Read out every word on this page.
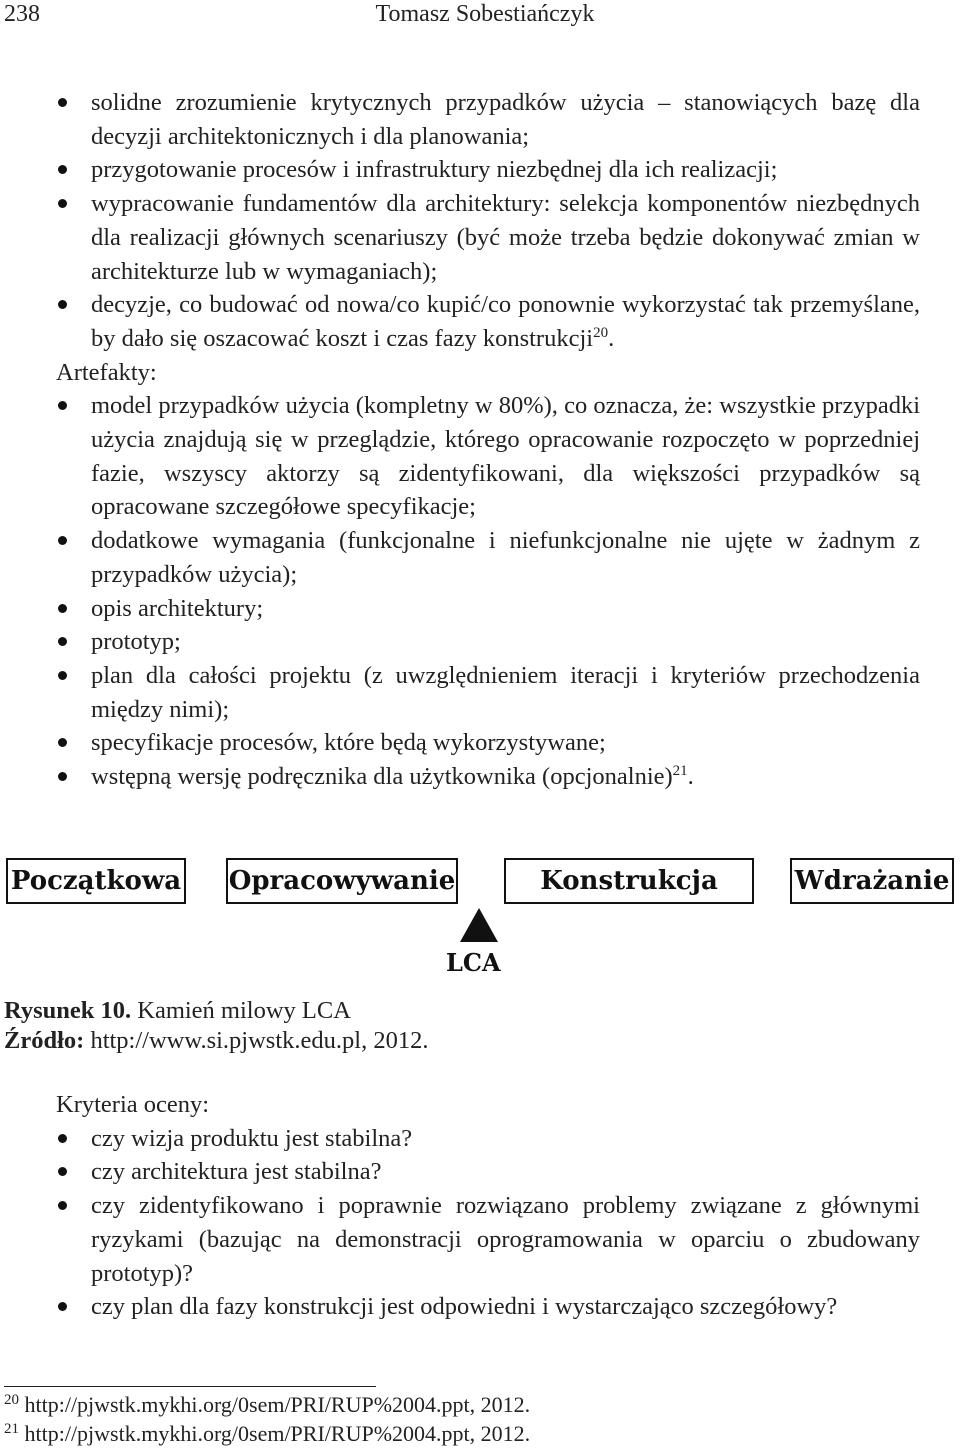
238	Tomasz Sobestiańczyk
solidne zrozumienie krytycznych przypadków użycia – stanowiących bazę dla decyzji architektonicznych i dla planowania;
przygotowanie procesów i infrastruktury niezbędnej dla ich realizacji;
wypracowanie fundamentów dla architektury: selekcja komponentów niezbędnych dla realizacji głównych scenariuszy (być może trzeba będzie dokonywać zmian w architekturze lub w wymaganiach);
decyzje, co budować od nowa/co kupić/co ponownie wykorzystać tak przemyślane, by dało się oszacować koszt i czas fazy konstrukcji$^{20}$.
Artefakty:
model przypadków użycia (kompletny w 80%), co oznacza, że: wszystkie przypadki użycia znajdują się w przeglądzie, którego opracowanie rozpoczęto w poprzedniej fazie, wszyscy aktorzy są zidentyfikowani, dla większości przypadków są opracowane szczegółowe specyfikacje;
dodatkowe wymagania (funkcjonalne i niefunkcjonalne nie ujęte w żadnym z przypadków użycia);
opis architektury;
prototyp;
plan dla całości projektu (z uwzględnieniem iteracji i kryteriów przechodzenia między nimi);
specyfikacje procesów, które będą wykorzystywane;
wstępną wersję podręcznika dla użytkownika (opcjonalnie)$^{21}$.
Początkowa Opracowywanie	Konstrukcja	Wdrażanie
LCA
Rysunek 10. Kamień milowy LCA
Źródło: http://www.si.pjwstk.edu.pl, 2012.
Kryteria oceny:
czy wizja produktu jest stabilna?
czy architektura jest stabilna?
czy zidentyfikowano i poprawnie rozwiązano problemy związane z głównymi ryzykami (bazując na demonstracji oprogramowania w oparciu o zbudowany prototyp)?
czy plan dla fazy konstrukcji jest odpowiedni i wystarczająco szczegółowy?
$^{20}$ http://pjwstk.mykhi.org/0sem/PRI/RUP%2004.ppt, 2012.
$^{21}$ http://pjwstk.mykhi.org/0sem/PRI/RUP%2004.ppt, 2012.
